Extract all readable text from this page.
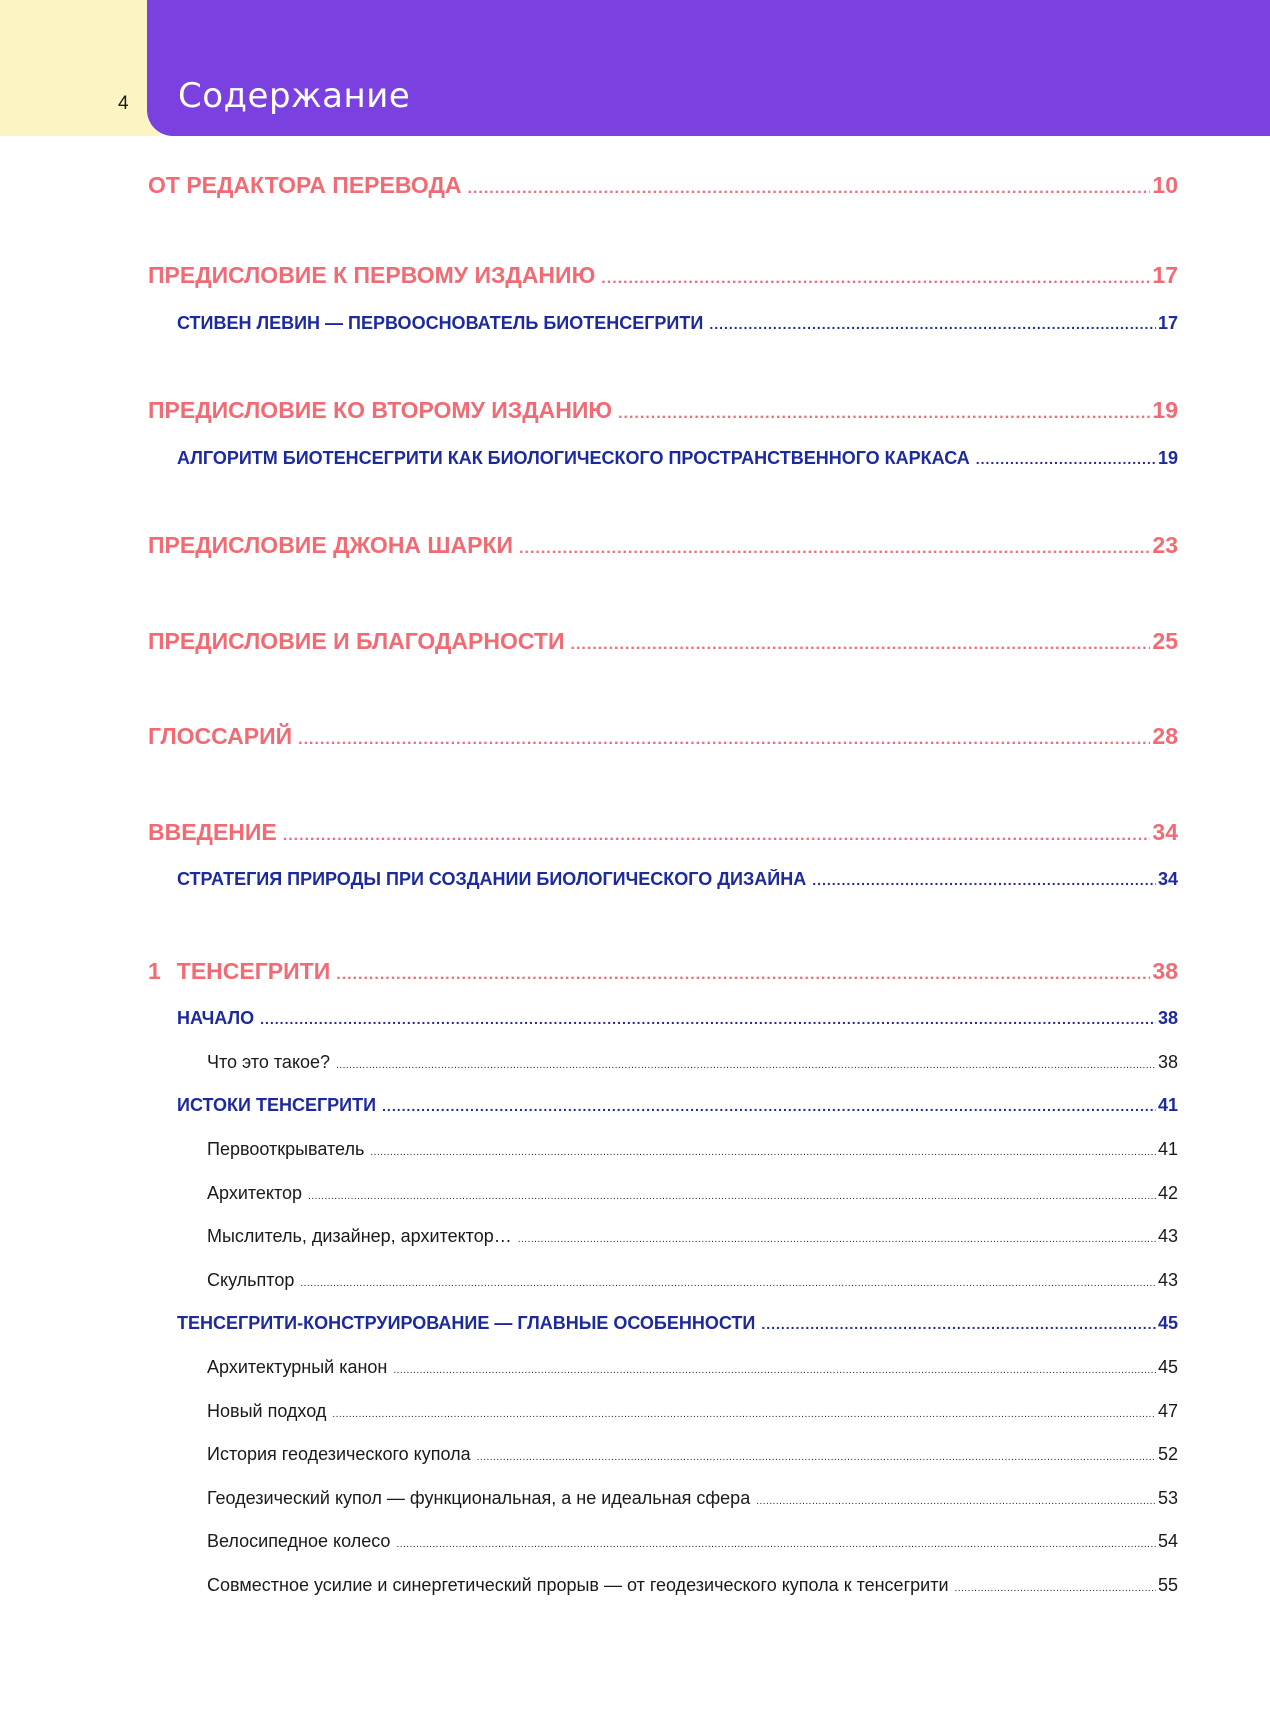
4 Содержание
ОТ РЕДАКТОРА ПЕРЕВОДА .....	10
ПРЕДИСЛОВИЕ К ПЕРВОМУ ИЗДАНИЮ .....	17
СТИВЕН ЛЕВИН — ПЕРВООСНОВАТЕЛЬ БИОТЕНСЕГРИТИ .....	17
ПРЕДИСЛОВИЕ КО ВТОРОМУ ИЗДАНИЮ .....	19
АЛГОРИТМ БИОТЕНСЕГРИТИ КАК БИОЛОГИЧЕСКОГО ПРОСТРАНСТВЕННОГО КАРКАСА .....	19
ПРЕДИСЛОВИЕ ДЖОНА ШАРКИ .....	23
ПРЕДИСЛОВИЕ И БЛАГОДАРНОСТИ .....	25
ГЛОССАРИЙ .....	28
ВВЕДЕНИЕ .....	34
СТРАТЕГИЯ ПРИРОДЫ ПРИ СОЗДАНИИ БИОЛОГИЧЕСКОГО ДИЗАЙНА .....	34
1 ТЕНСЕГРИТИ .....	38
НАЧАЛО .....	38
Что это такое? .....	38
ИСТОКИ ТЕНСЕГРИТИ .....	41
Первооткрыватель .....	41
Архитектор .....	42
Мыслитель, дизайнер, архитектор… .....	43
Скульптор .....	43
ТЕНСЕГРИТИ-КОНСТРУИРОВАНИЕ — ГЛАВНЫЕ ОСОБЕННОСТИ .....	45
Архитектурный канон .....	45
Новый подход .....	47
История геодезического купола .....	52
Геодезический купол — функциональная, а не идеальная сфера .....	53
Велосипедное колесо .....	54
Совместное усилие и синергетический прорыв — от геодезического купола к тенсегрити .....	55
